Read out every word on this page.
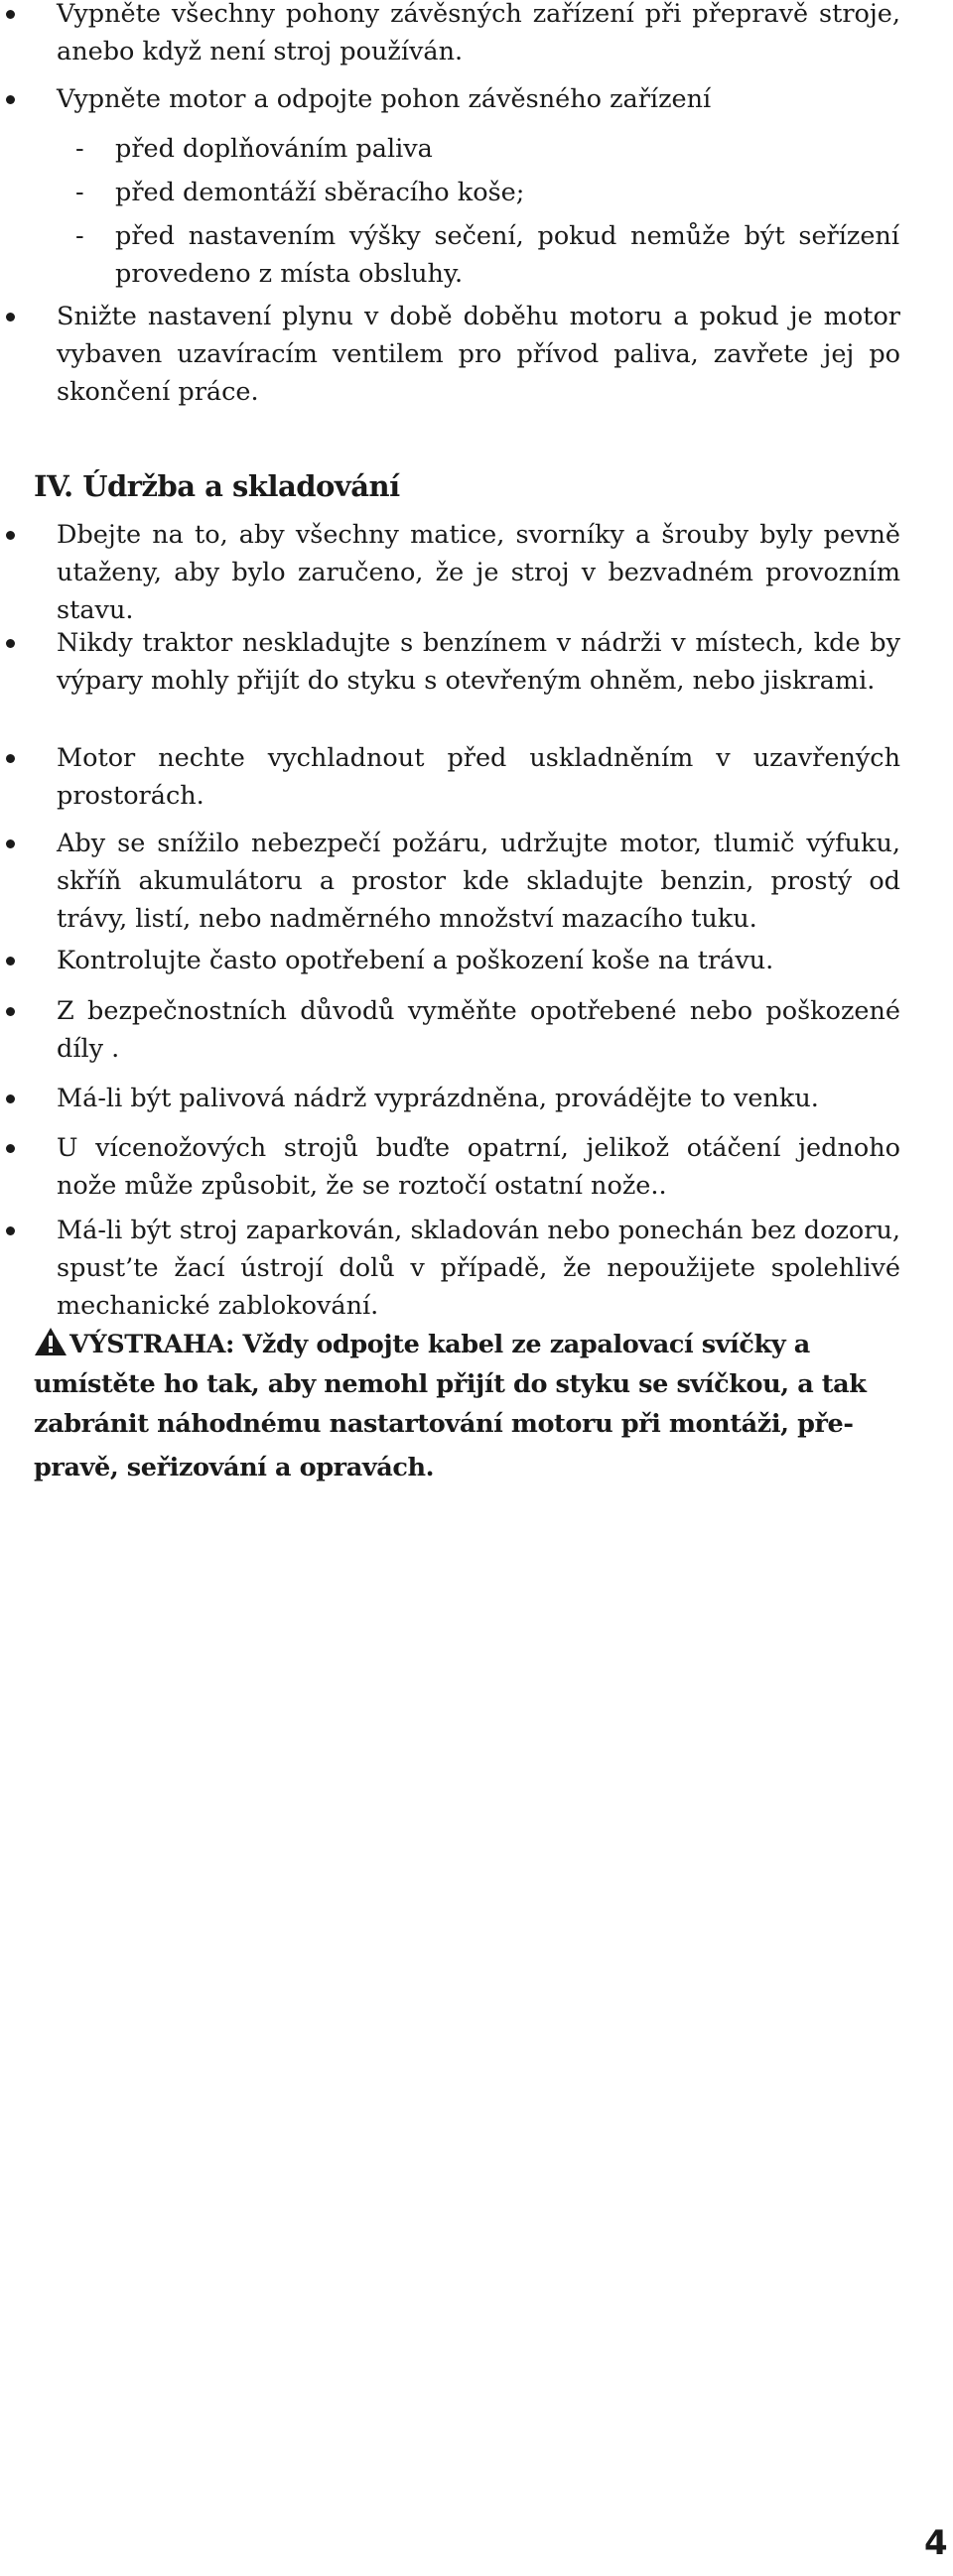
Vypněte všechny pohony závěsných zařízení při přepravě stroje, anebo když není stroj používán.
Vypněte motor a odpojte pohon závěsného zařízení
- před doplňováním paliva
- před demontáží sběracího koše;
- před nastavením výšky sečení, pokud nemůže být seřízení provedeno z místa obsluhy.
Snižte nastavení plynu v době doběhu motoru a pokud je motor vybaven uzavíracím ventilem pro přívod paliva, zavřete jej po skončení práce.
IV. Údržba a skladování
Dbejte na to, aby všechny matice, svorníky a šrouby byly pevně utaženy, aby bylo zaručeno, že je stroj v bezvadném provozním stavu.
Nikdy traktor neskladujte s benzínem v nádrži v místech, kde by výpary mohly přijít do styku s otevřeným ohněm, nebo jiskrami.
Motor nechte vychladnout před uskladněním v uzavřených prostorách.
Aby se snížilo nebezpečí požáru, udržujte motor, tlumič výfuku, skříň akumulátoru a prostor kde skladujte benzin, prostý od trávy, listí, nebo nadměrného množství mazacího tuku.
Kontrolujte často opotřebení a poškození koše na trávu.
Z bezpečnostních důvodů vyměňte opotřebené nebo poškozené díly .
Má-li být palivová nádrž vyprázdněna, provádějte to venku.
U vícenožových strojů buďte opatrní, jelikož otáčení jednoho nože může způsobit, že se roztočí ostatní nože..
Má-li být stroj zaparkován, skladován nebo ponechán bez dozoru, spust’te žací ústrojí dolů v případě, že nepoužijete spolehlivé mechanické zablokování.
VÝSTRAHA: Vždy odpojte kabel ze zapalovací svíčky a
umístěte ho tak, aby nemohl přijít do styku se svíčkou, a tak
zabránit náhodnému nastartování motoru při montáži, pře-
pravě, seřizování a opravách.
4
